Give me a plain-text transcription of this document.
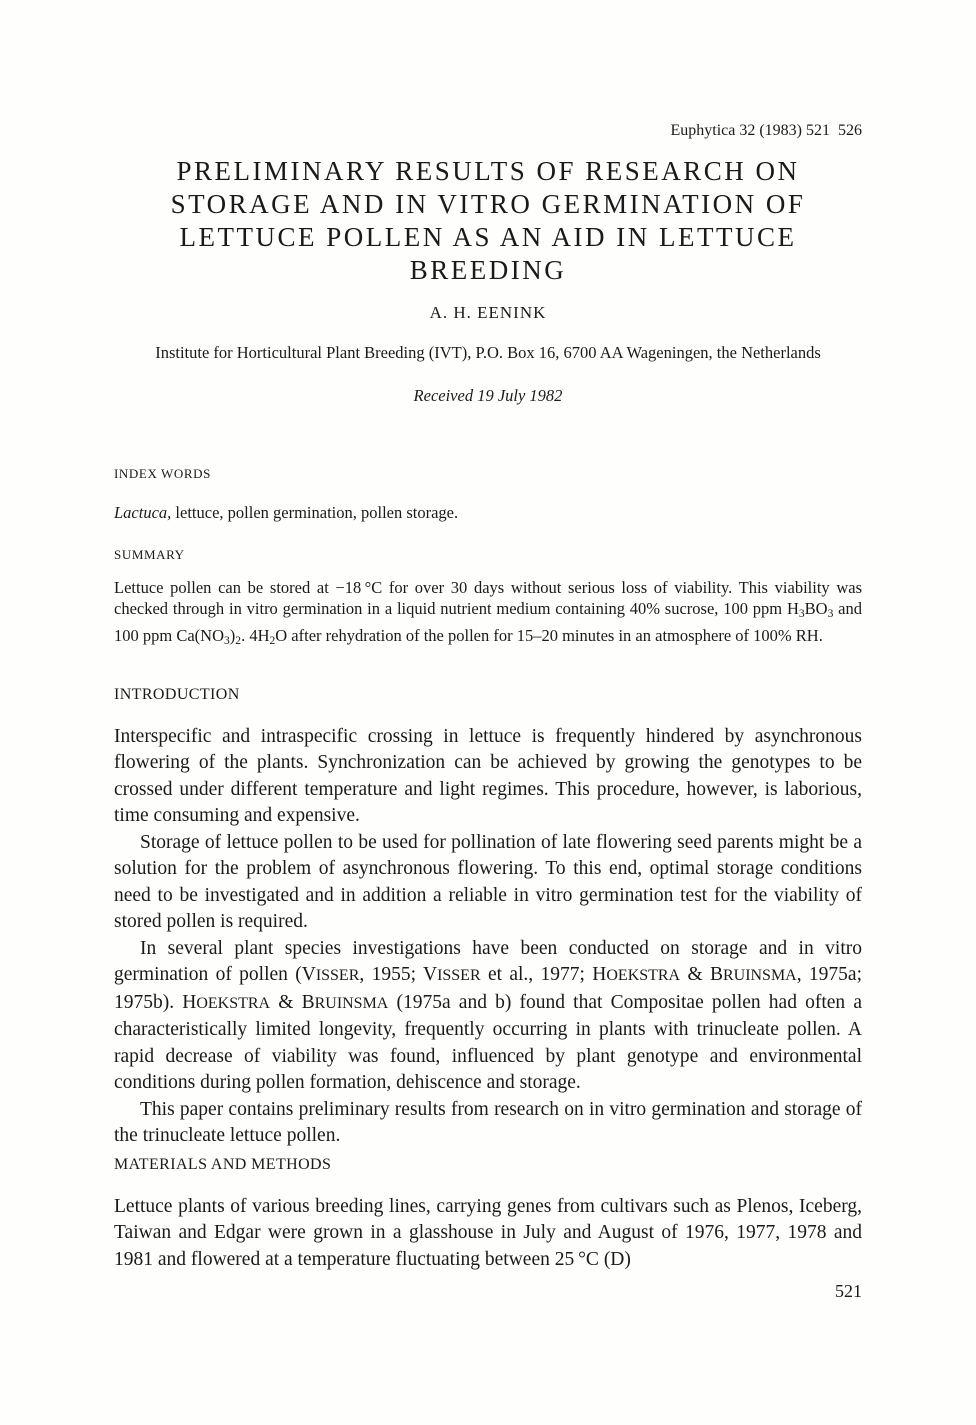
Euphytica 32 (1983) 521  526
PRELIMINARY RESULTS OF RESEARCH ON
STORAGE AND IN VITRO GERMINATION OF
LETTUCE POLLEN AS AN AID IN LETTUCE
BREEDING
A. H. EENINK
Institute for Horticultural Plant Breeding (IVT), P.O. Box 16, 6700 AA Wageningen, the Netherlands
Received 19 July 1982
INDEX WORDS

Lactuca, lettuce, pollen germination, pollen storage.

SUMMARY

Lettuce pollen can be stored at −18 °C for over 30 days without serious loss of viability. This viability was checked through in vitro germination in a liquid nutrient medium containing 40% sucrose, 100 ppm $H_3BO_3$ and 100 ppm $Ca(NO_3)_2$. $4H_2O$ after rehydration of the pollen for 15–20 minutes in an atmosphere of 100% RH.

INTRODUCTION

Interspecific and intraspecific crossing in lettuce is frequently hindered by asynchronous flowering of the plants. Synchronization can be achieved by growing the genotypes to be crossed under different temperature and light regimes. This procedure, however, is laborious, time consuming and expensive.

Storage of lettuce pollen to be used for pollination of late flowering seed parents might be a solution for the problem of asynchronous flowering. To this end, optimal storage conditions need to be investigated and in addition a reliable in vitro germination test for the viability of stored pollen is required.

In several plant species investigations have been conducted on storage and in vitro germination of pollen (VISSER, 1955; VISSER et al., 1977; HOEKSTRA & BRUINSMA, 1975a; 1975b). HOEKSTRA & BRUINSMA (1975a and b) found that Compositae pollen had often a characteristically limited longevity, frequently occurring in plants with trinucleate pollen. A rapid decrease of viability was found, influenced by plant genotype and environmental conditions during pollen formation, dehiscence and storage.

This paper contains preliminary results from research on in vitro germination and storage of the trinucleate lettuce pollen.

MATERIALS AND METHODS

Lettuce plants of various breeding lines, carrying genes from cultivars such as Plenos, Iceberg, Taiwan and Edgar were grown in a glasshouse in July and August of 1976, 1977, 1978 and 1981 and flowered at a temperature fluctuating between 25 °C (D)

521
